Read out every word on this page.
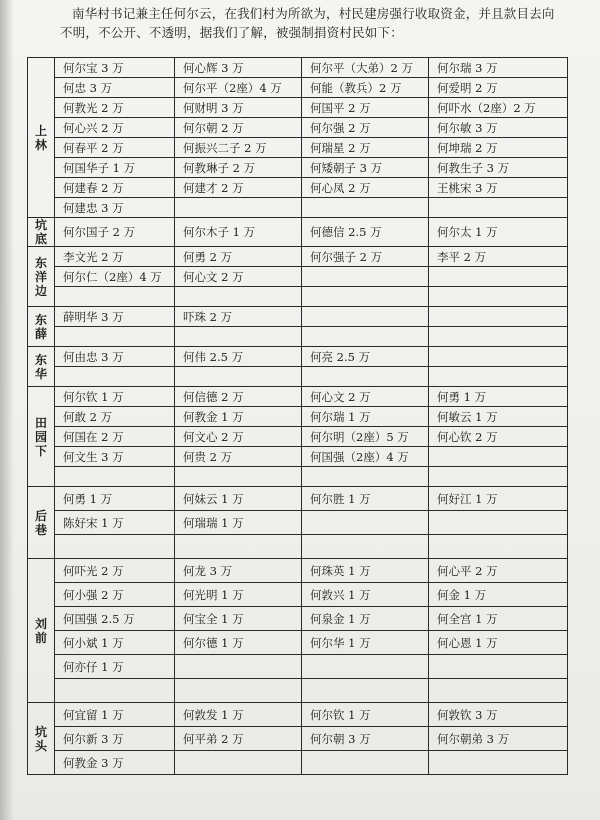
南华村书记兼主任何尔云，在我们村为所欲为，村民建房强行收取资金，并且款目去向

不明，不公开、不透明，据我们了解，被强制捐资村民如下：

上
林	何尔宝 3 万	何心辉 3 万	何尔平（大弟）2 万	何尔瑞 3 万
	何忠 3 万	何尔平（2座）4 万	何能（教兵）2 万	何爱明 2 万
	何教光 2 万	何财明 3 万	何国平 2 万	何吓水（2座）2 万
	何心兴 2 万	何尔朝 2 万	何尔强 2 万	何尔敏 3 万
	何春平 2 万	何振兴二子 2 万	何瑞星 2 万	何坤瑞 2 万
	何国华子 1 万	何教琳子 2 万	何矮朝子 3 万	何教生子 3 万
	何建春 2 万	何建才 2 万	何心凤 2 万	王桃宋 3 万
	何建忠 3 万			

坑
底	何尔国子 2 万	何尔木子 1 万	何德信 2.5 万	何尔太 1 万

东
洋
边	李文光 2 万	何勇 2 万	何尔强子 2 万	李平 2 万
	何尔仁（2座）4 万	何心文 2 万		

东
薛	薛明华 3 万	吓珠 2 万		

东
华	何由忠 3 万	何伟 2.5 万	何亮 2.5 万	

田
园
下	何尔钦 1 万	何信德 2 万	何心文 2 万	何勇 1 万
	何敢 2 万	何教金 1 万	何尔瑞 1 万	何敏云 1 万
	何国在 2 万	何文心 2 万	何尔明（2座）5 万	何心钦 2 万
	何文生 3 万	何贵 2 万	何国强（2座）4 万	

后
巷	何勇 1 万	何妹云 1 万	何尔胜 1 万	何好江 1 万
	陈好宋 1 万	何瑞瑞 1 万		

刘
前	何吓光 2 万	何龙 3 万	何珠英 1 万	何心平 2 万
	何小强 2 万	何光明 1 万	何敦兴 1 万	何金 1 万
	何国强 2.5 万	何宝全 1 万	何泉金 1 万	何全宫 1 万
	何小斌 1 万	何尔德 1 万	何尔华 1 万	何心恩 1 万
	何亦仔 1 万			

坑
头	何宜留 1 万	何敦发 1 万	何尔钦 1 万	何敦钦 3 万
	何尔新 3 万	何平弟 2 万	何尔朝 3 万	何尔朝弟 3 万
	何教金 3 万			
